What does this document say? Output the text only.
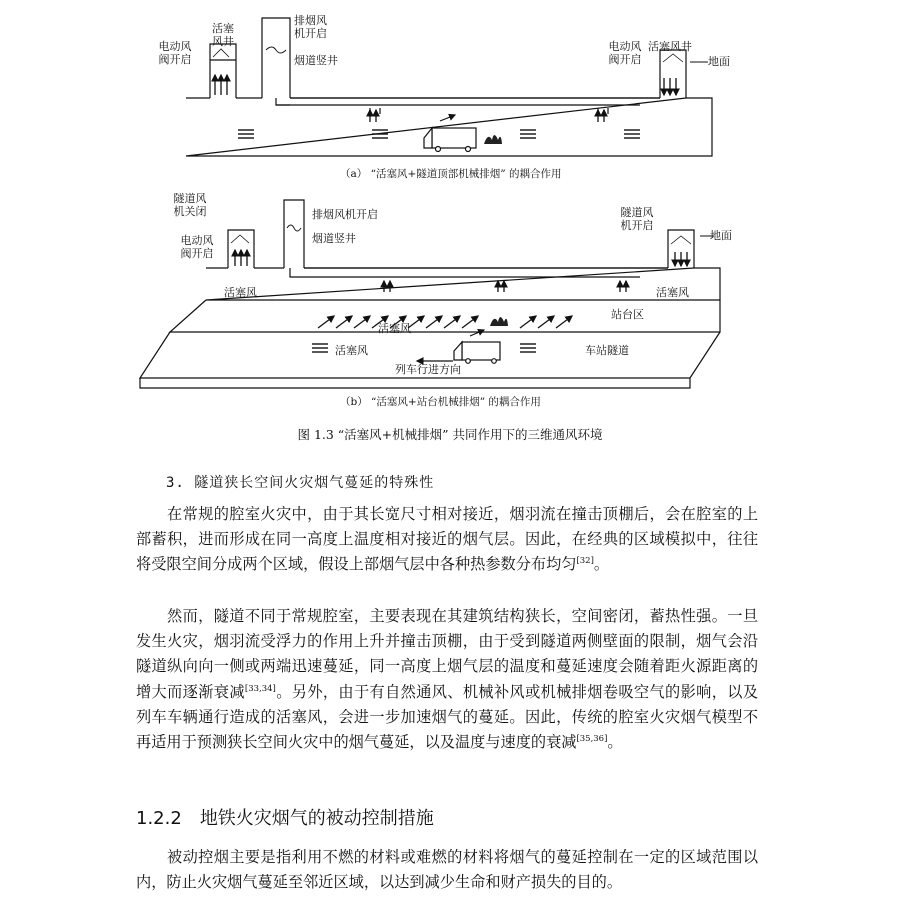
电动风
阀开启
活塞
风井
排烟风
机开启
烟道竖井
电动风
阀开启
活塞风井
地面
（a） “活塞风+隧道顶部机械排烟” 的耦合作用
隧道风
机关闭
电动风
阀开启
排烟风机开启
烟道竖井
隧道风
机开启
地面
活塞风	活塞风
活塞风
站台区
活塞风	车站隧道
列车行进方向
（b） “活塞风+站台机械排烟” 的耦合作用
图 1.3 “活塞风+机械排烟” 共同作用下的三维通风环境
3. 隧道狭长空间火灾烟气蔓延的特殊性

在常规的腔室火灾中，由于其长宽尺寸相对接近，烟羽流在撞击顶棚后，会在腔室的上部蓄积，进而形成在同一高度上温度相对接近的烟气层。因此，在经典的区域模拟中，往往将受限空间分成两个区域，假设上部烟气层中各种热参数分布均匀[32]。

然而，隧道不同于常规腔室，主要表现在其建筑结构狭长，空间密闭，蓄热性强。一旦发生火灾，烟羽流受浮力的作用上升并撞击顶棚，由于受到隧道两侧壁面的限制，烟气会沿隧道纵向向一侧或两端迅速蔓延，同一高度上烟气层的温度和蔓延速度会随着距火源距离的增大而逐渐衰减[33,34]。另外，由于有自然通风、机械补风或机械排烟卷吸空气的影响，以及列车车辆通行造成的活塞风，会进一步加速烟气的蔓延。因此，传统的腔室火灾烟气模型不再适用于预测狭长空间火灾中的烟气蔓延，以及温度与速度的衰减[35,36]。

1.2.2 地铁火灾烟气的被动控制措施

被动控烟主要是指利用不燃的材料或难燃的材料将烟气的蔓延控制在一定的区域范围以内，防止火灾烟气蔓延至邻近区域，以达到减少生命和财产损失的目的。
